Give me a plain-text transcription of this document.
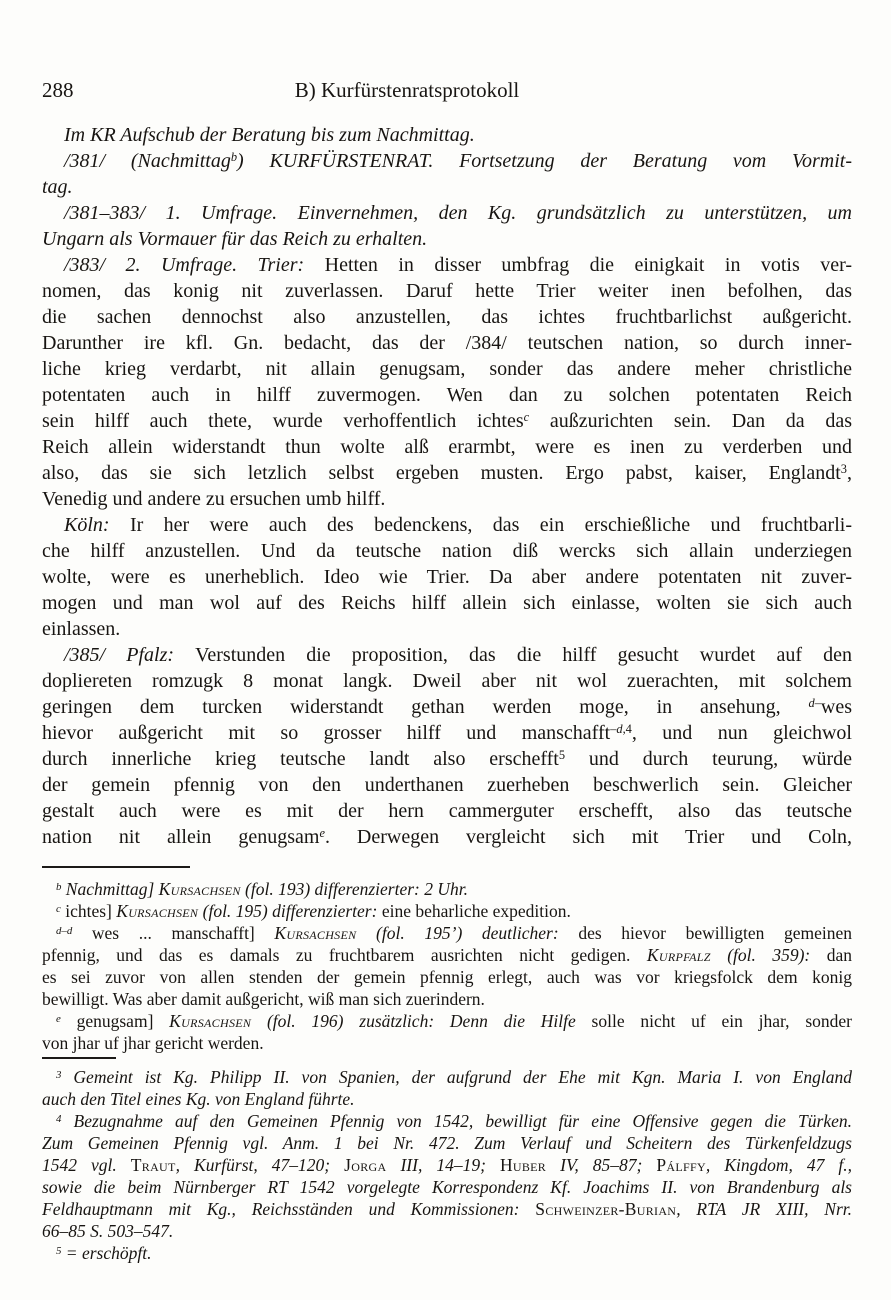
288	B) Kurfürstenratsprotokoll
Im KR Aufschub der Beratung bis zum Nachmittag.
/381/ (Nachmittag$^b$) KURFÜRSTENRAT. Fortsetzung der Beratung vom Vormit-
tag.
/381–383/ 1. Umfrage. Einvernehmen, den Kg. grundsätzlich zu unterstützen, um
Ungarn als Vormauer für das Reich zu erhalten.
/383/ 2. Umfrage. Trier: Hetten in disser umbfrag die einigkait in votis ver-
nomen, das konig nit zuverlassen. Daruf hette Trier weiter inen befolhen, das
die sachen dennochst also anzustellen, das ichtes fruchtbarlichst außgericht.
Darunther ire kfl. Gn. bedacht, das der /384/ teutschen nation, so durch inner-
liche krieg verdarbt, nit allain genugsam, sonder das andere meher christliche
potentaten auch in hilff zuvermogen. Wen dan zu solchen potentaten Reich
sein hilff auch thete, wurde verhoffentlich ichtes$^c$ außzurichten sein. Dan da das
Reich allein widerstandt thun wolte alß erarmbt, were es inen zu verderben und
also, das sie sich letzlich selbst ergeben musten. Ergo pabst, kaiser, Englandt$^3$,
Venedig und andere zu ersuchen umb hilff.
Köln: Ir her were auch des bedenckens, das ein erschießliche und fruchtbarli-
che hilff anzustellen. Und da teutsche nation diß wercks sich allain underziegen
wolte, were es unerheblich. Ideo wie Trier. Da aber andere potentaten nit zuver-
mogen und man wol auf des Reichs hilff allein sich einlasse, wolten sie sich auch
einlassen.
/385/ Pfalz: Verstunden die proposition, das die hilff gesucht wurdet auf den
dopliereten romzugk 8 monat langk. Dweil aber nit wol zuerachten, mit solchem
geringen dem turcken widerstandt gethan werden moge, in ansehung, $^{d-}$wes
hievor außgericht mit so grosser hilff und manschafft$^{-d,4}$, und nun gleichwol
durch innerliche krieg teutsche landt also erschefft$^5$ und durch teurung, würde
der gemein pfennig von den underthanen zuerheben beschwerlich sein. Gleicher
gestalt auch were es mit der hern cammerguter erschefft, also das teutsche
nation nit allein genugsam$^e$. Derwegen vergleicht sich mit Trier und Coln,
$^b$ Nachmittag] Kursachsen (fol. 193) differenzierter: 2 Uhr.
$^c$ ichtes] Kursachsen (fol. 195) differenzierter: eine beharliche expedition.
$^{d-d}$ wes ... manschafft] Kursachsen (fol. 195’) deutlicher: des hievor bewilligten gemeinen
pfennig, und das es damals zu fruchtbarem ausrichten nicht gedigen. Kurpfalz (fol. 359): dan
es sei zuvor von allen stenden der gemein pfennig erlegt, auch was vor kriegsfolck dem konig
bewilligt. Was aber damit außgericht, wiß man sich zuerindern.
$^e$ genugsam] Kursachsen (fol. 196) zusätzlich: Denn die Hilfe solle nicht uf ein jhar, sonder
von jhar uf jhar gericht werden.
$^3$ Gemeint ist Kg. Philipp II. von Spanien, der aufgrund der Ehe mit Kgn. Maria I. von England
auch den Titel eines Kg. von England führte.
$^4$ Bezugnahme auf den Gemeinen Pfennig von 1542, bewilligt für eine Offensive gegen die Türken.
Zum Gemeinen Pfennig vgl. Anm. 1 bei Nr. 472. Zum Verlauf und Scheitern des Türkenfeldzugs
1542 vgl. Traut, Kurfürst, 47–120; Jorga III, 14–19; Huber IV, 85–87; Pálffy, Kingdom, 47 f.,
sowie die beim Nürnberger RT 1542 vorgelegte Korrespondenz Kf. Joachims II. von Brandenburg als
Feldhauptmann mit Kg., Reichsständen und Kommissionen: Schweinzer-Burian, RTA JR XIII, Nrr.
66–85 S. 503–547.
$^5$ = erschöpft.
